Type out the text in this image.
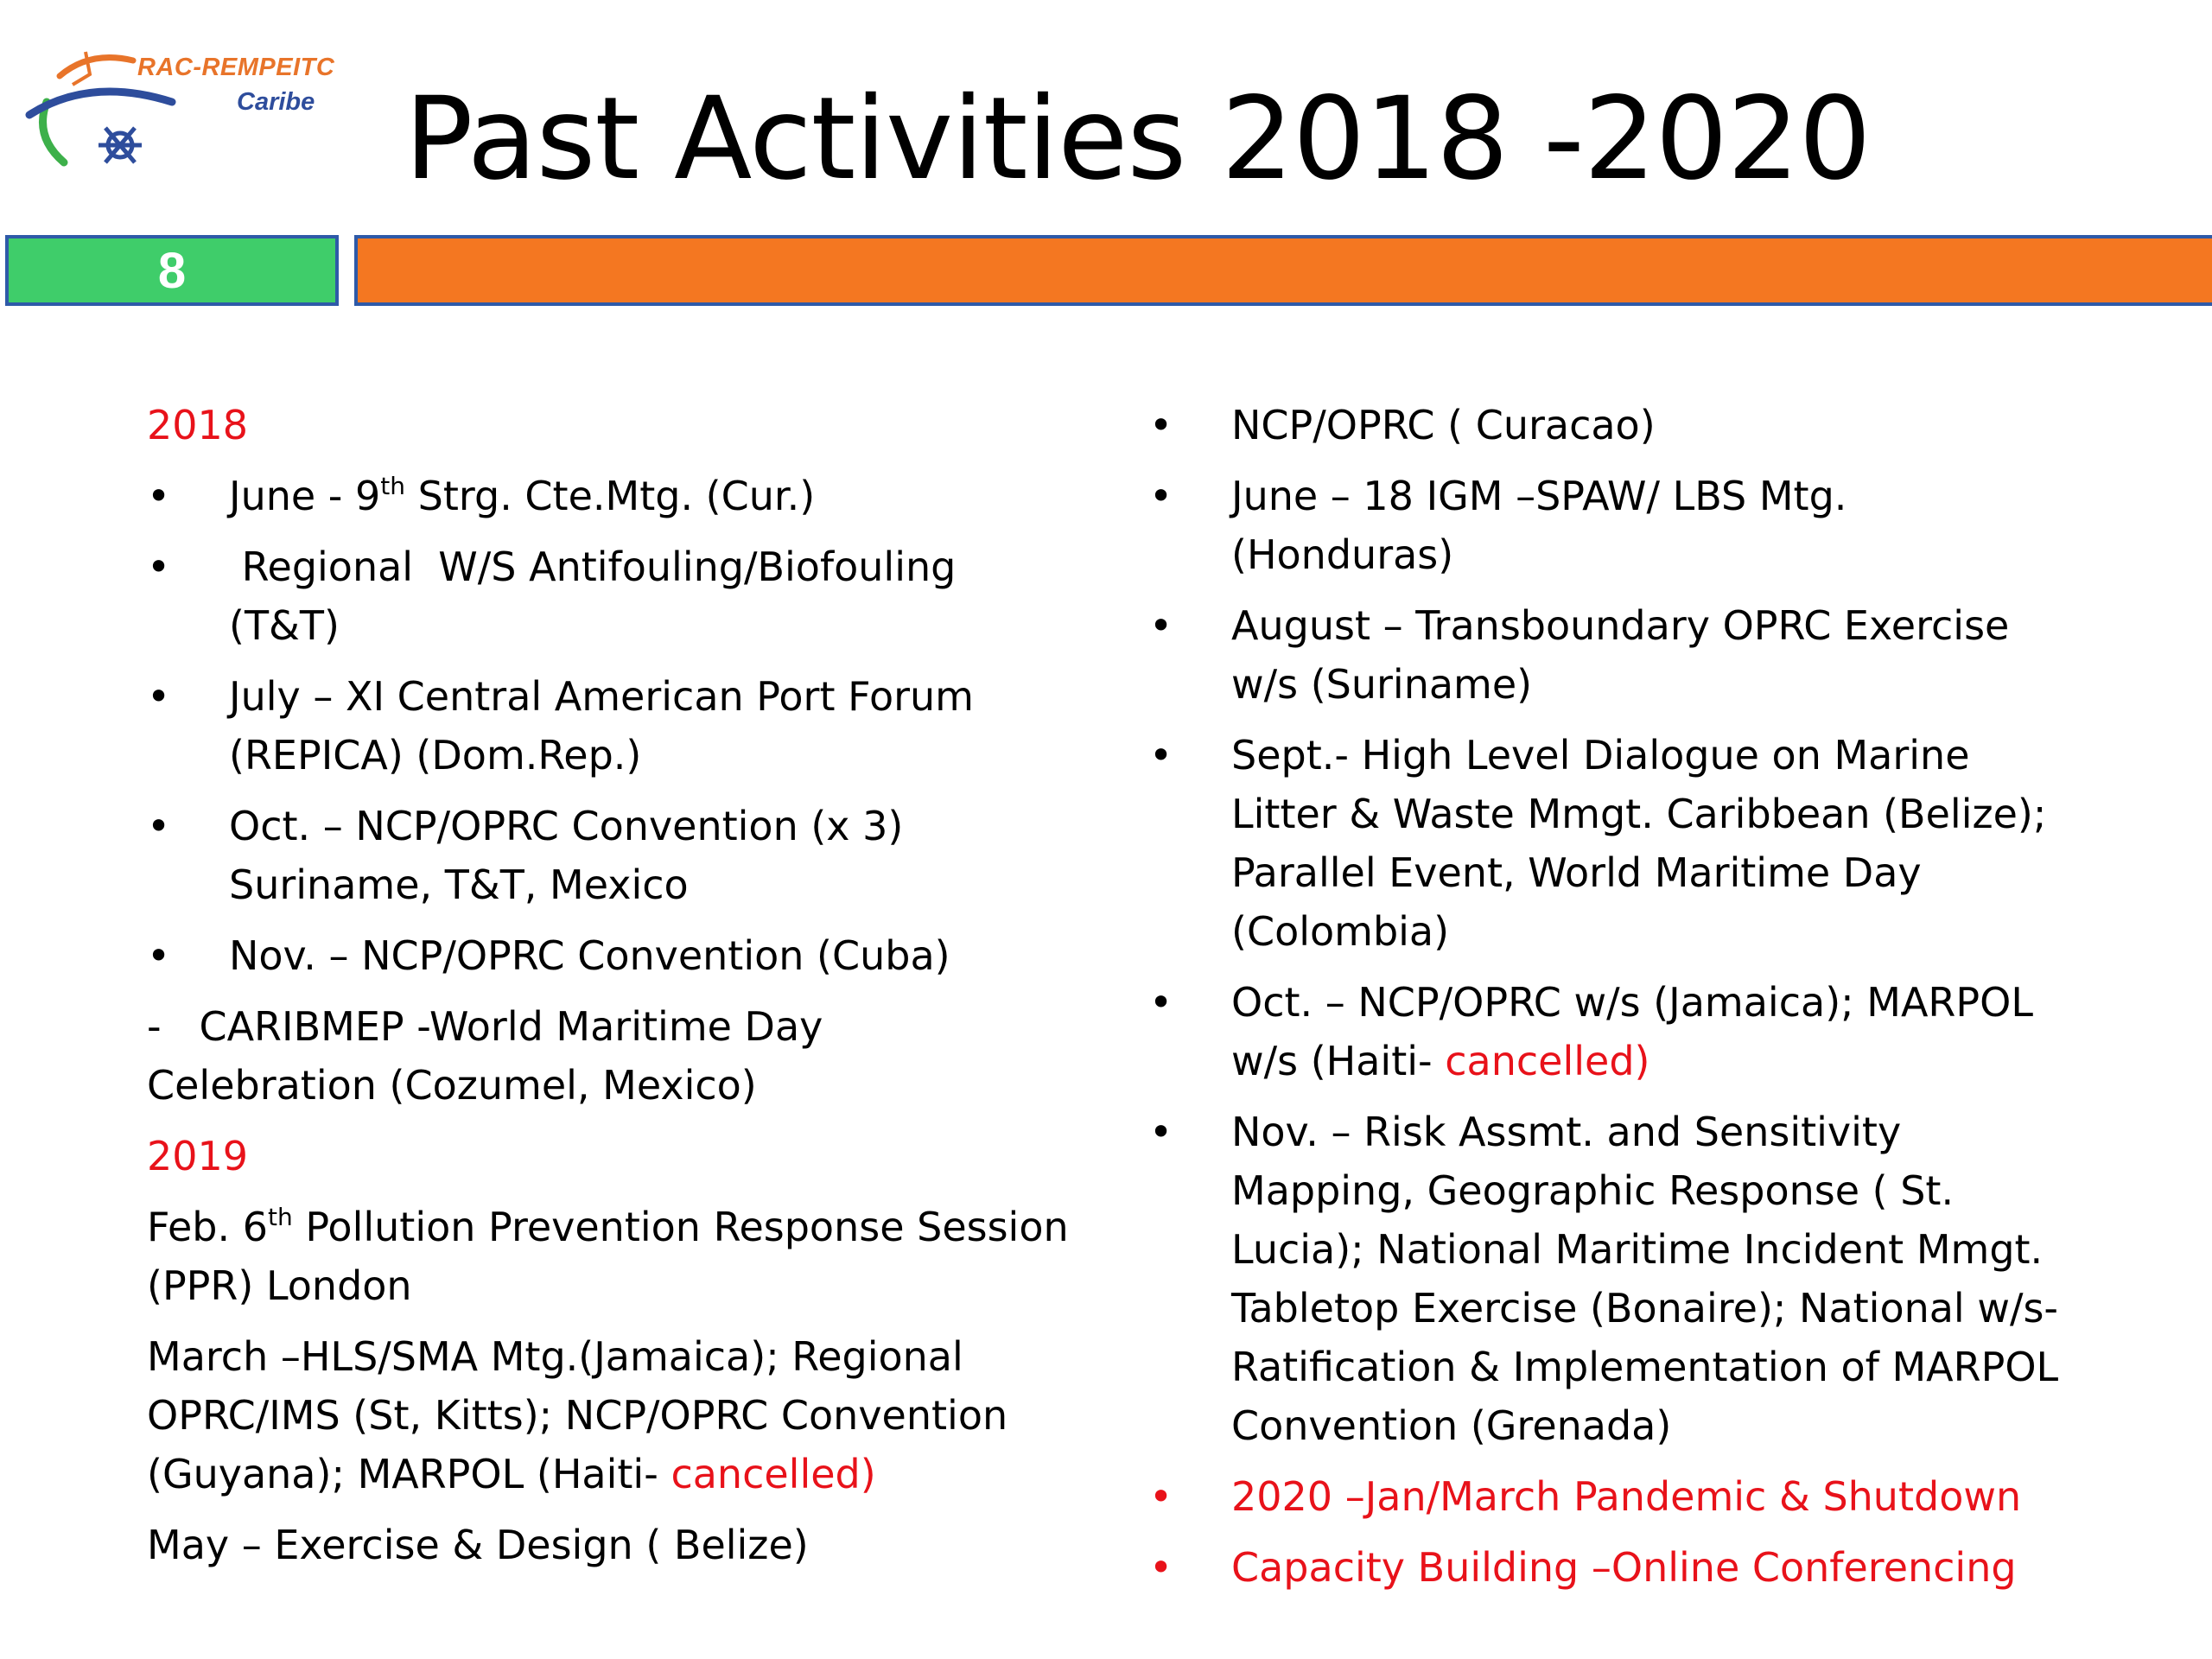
RAC-REMPEITC
Caribe Past Activities 2018 -2020
8
2018
• June - 9th Strg. Cte.Mtg. (Cur.)
•  Regional  W/S Antifouling/Biofouling
(T&T)
• July – XI Central American Port Forum
(REPICA) (Dom.Rep.)
• Oct. – NCP/OPRC Convention (x 3)
Suriname, T&T, Mexico
• Nov. – NCP/OPRC Convention (Cuba)
-   CARIBMEP -World Maritime Day
Celebration (Cozumel, Mexico)
2019
Feb. 6th Pollution Prevention Response Session
(PPR) London
March –HLS/SMA Mtg.(Jamaica); Regional
OPRC/IMS (St, Kitts); NCP/OPRC Convention
(Guyana); MARPOL (Haiti- cancelled)
May – Exercise & Design ( Belize)
• NCP/OPRC ( Curacao)
• June – 18 IGM –SPAW/ LBS Mtg.
(Honduras)
• August – Transboundary OPRC Exercise
w/s (Suriname)
• Sept.- High Level Dialogue on Marine
Litter & Waste Mmgt. Caribbean (Belize);
Parallel Event, World Maritime Day
(Colombia)
• Oct. – NCP/OPRC w/s (Jamaica); MARPOL
w/s (Haiti- cancelled)
• Nov. – Risk Assmt. and Sensitivity
Mapping, Geographic Response ( St.
Lucia); National Maritime Incident Mmgt.
Tabletop Exercise (Bonaire); National w/s-
Ratification & Implementation of MARPOL
Convention (Grenada)
• 2020 –Jan/March Pandemic & Shutdown
• Capacity Building –Online Conferencing
